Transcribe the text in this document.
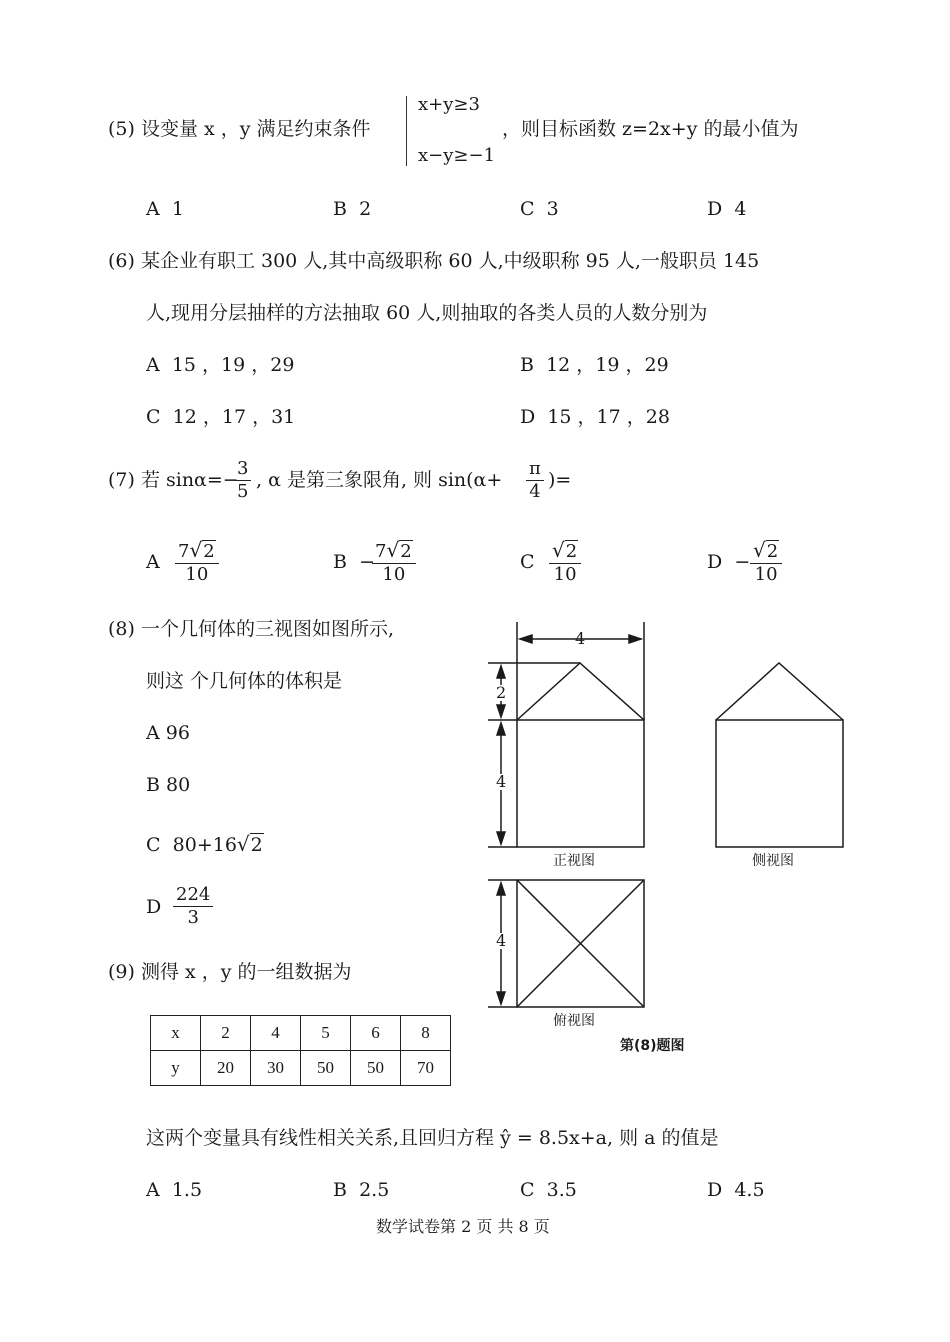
(5) 设变量 x ，y 满足约束条件
x+y≥3
x−y≥−1
，则目标函数 z=2x+y 的最小值为
A 1	B 2	C 3	D 4
(6) 某企业有职工 300 人,其中高级职称 60 人,中级职称 95 人,一般职员 145
人,现用分层抽样的方法抽取 60 人,则抽取的各类人员的人数分别为
A 15 ，19 ，29	B 12 ，19 ，29
C 12 ，17 ，31	D 15 ，17 ，28
(7) 若 sinα=−
$\frac{3}{5}$ , α 是第三象限角, 则 $\sin(\alpha+ \frac{\pi}{4}$ )=
A $\frac{7√2}{10}$	B −
$\frac{7√2}{10}$	C $\frac{√2}{10}$	$D - \frac{√2}{10}$
(8) 一个几何体的三视图如图所示,
则这 个几何体的体积是
A 96
B 80
C 80+16√2
D $\frac{224}{3}$
4
2
4
4
正视图	侧视图
俯视图
第(8)题图
(9) 测得 x ，y 的一组数据为
x	2	4	5	6	8
y	20	30	50	50	70
这两个变量具有线性相关关系,且回归方程 ŷ = 8.5x+a, 则 a 的值是
A 1.5	B 2.5	C 3.5	D 4.5
数学试卷第 2 页 共 8 页
